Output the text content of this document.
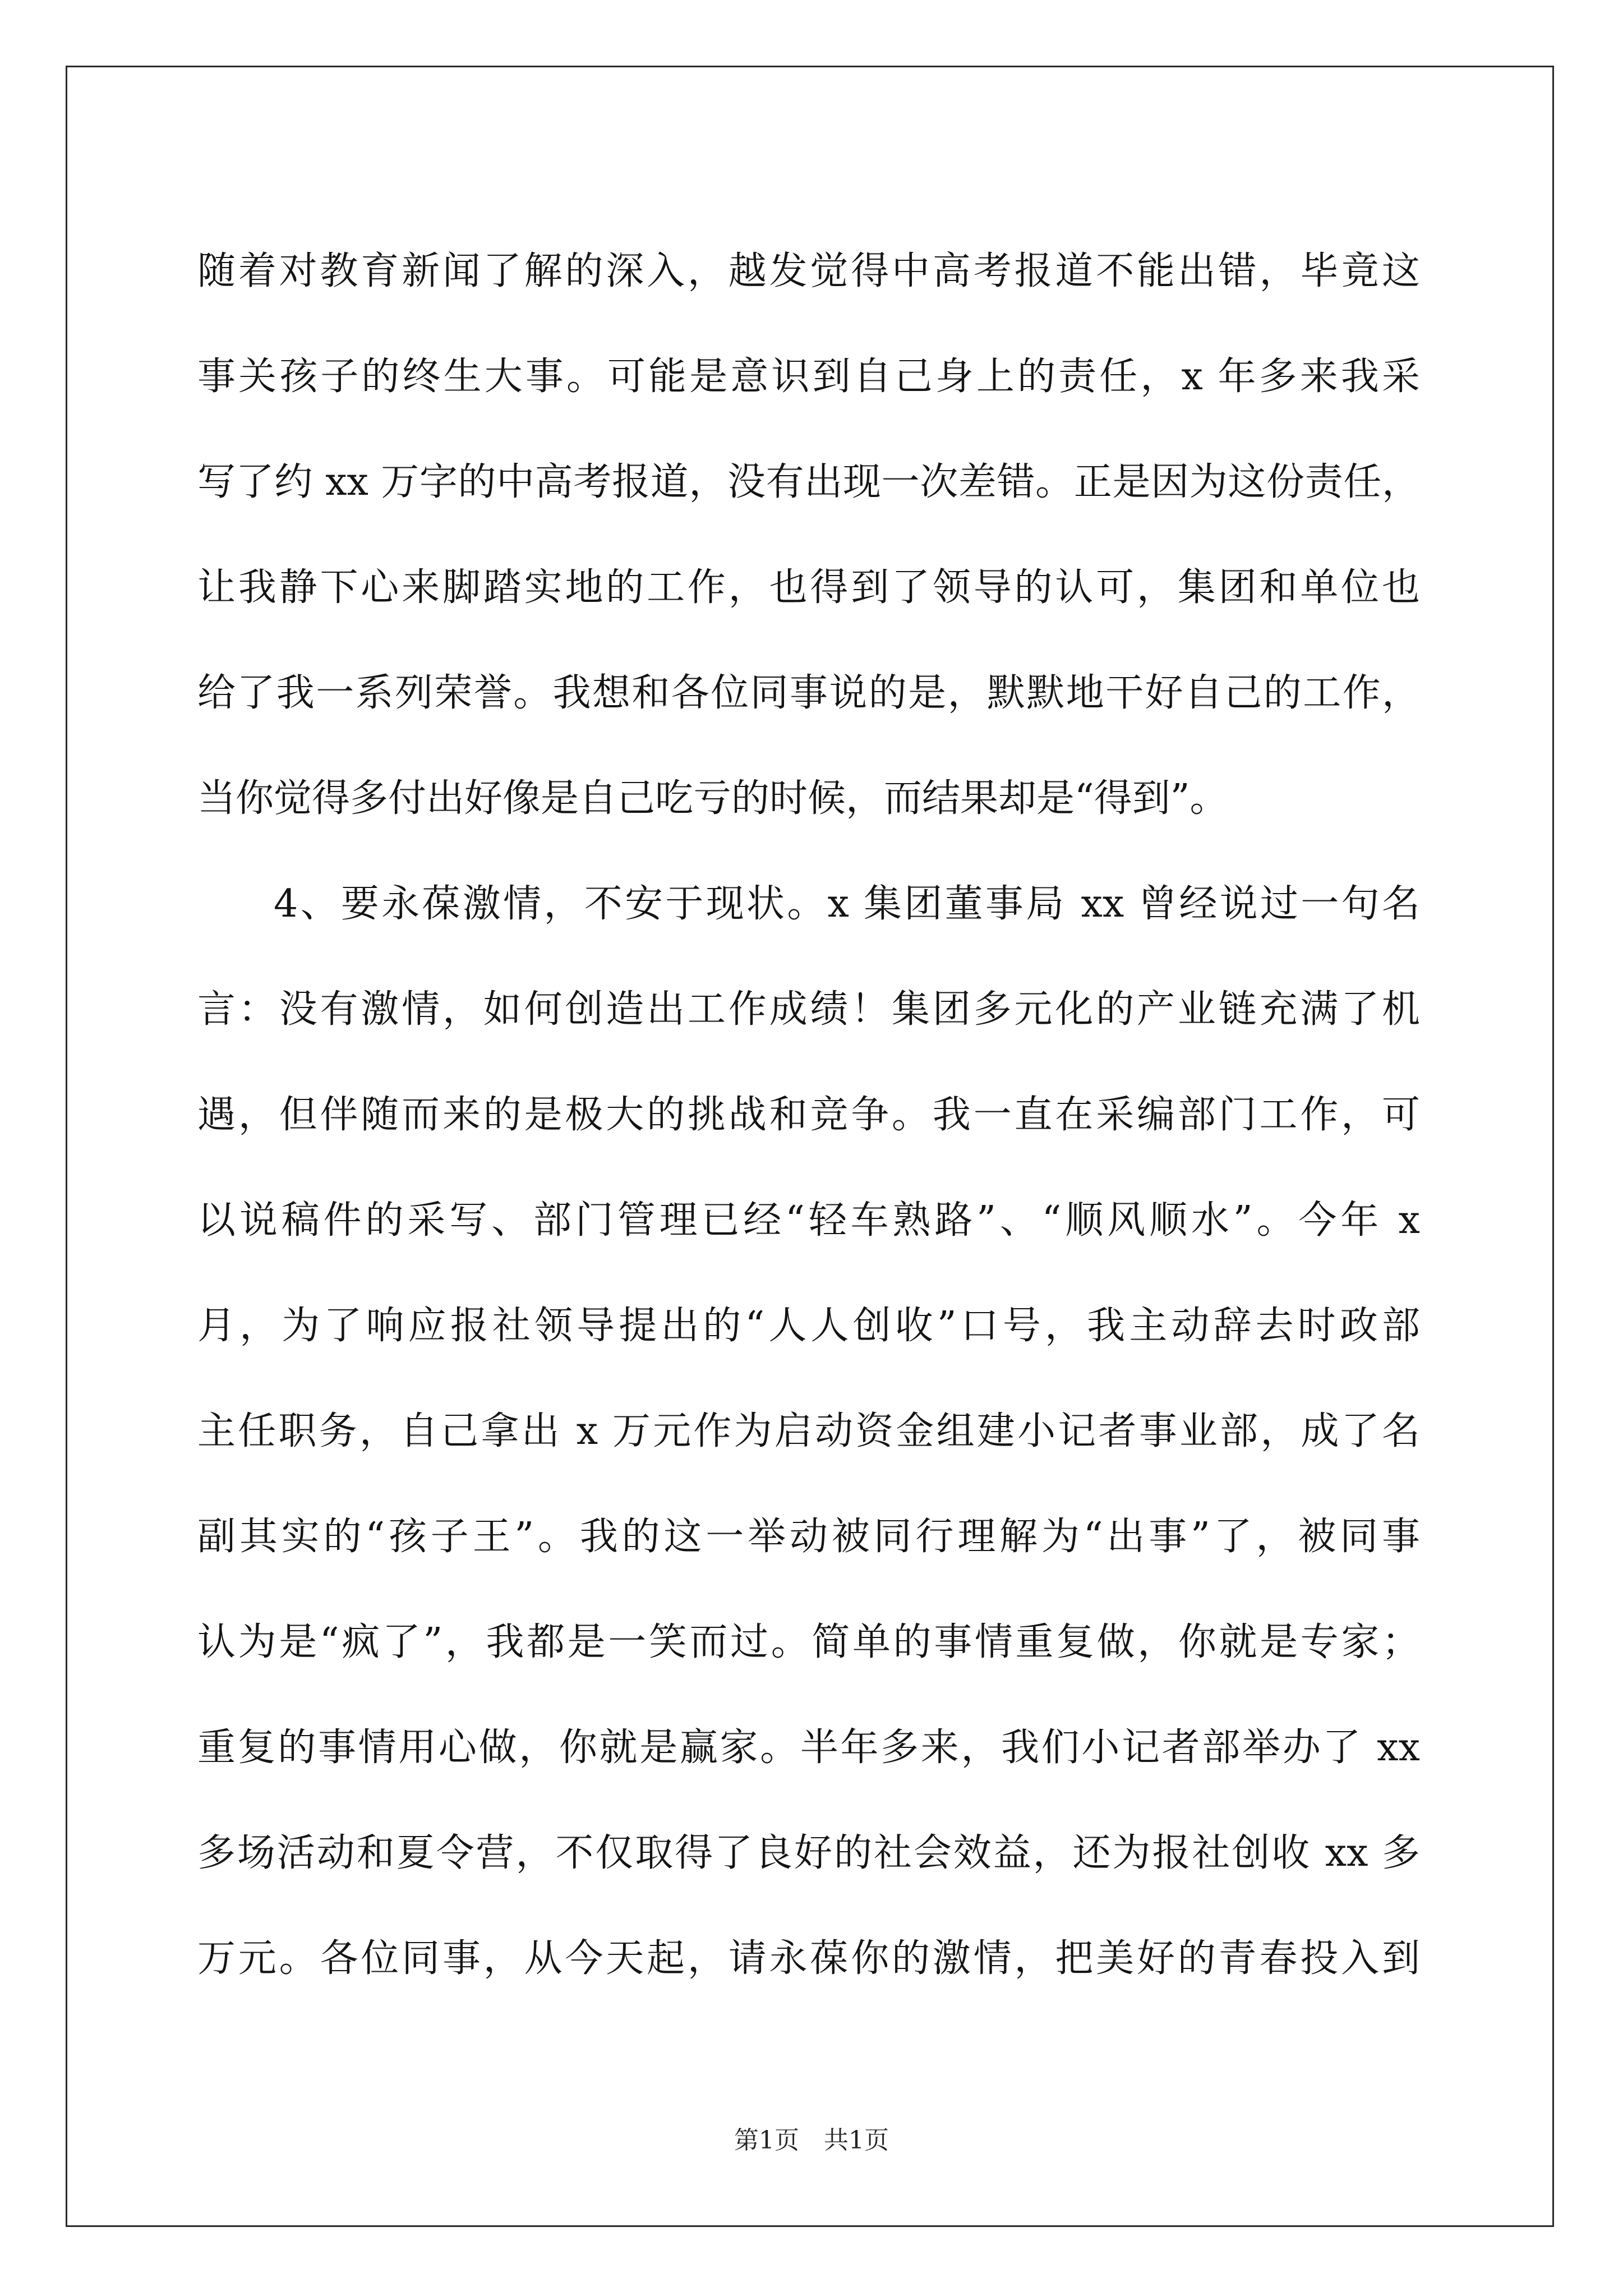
随着对教育新闻了解的深入，越发觉得中高考报道不能出错，毕竟这
事关孩子的终生大事。可能是意识到自己身上的责任，x 年多来我采
写了约 xx 万字的中高考报道，没有出现一次差错。正是因为这份责任，
让我静下心来脚踏实地的工作，也得到了领导的认可，集团和单位也
给了我一系列荣誉。我想和各位同事说的是，默默地干好自己的工作，
当你觉得多付出好像是自己吃亏的时候，而结果却是“得到”。
4、要永葆激情，不安于现状。x 集团董事局 xx 曾经说过一句名
言：没有激情，如何创造出工作成绩！集团多元化的产业链充满了机
遇，但伴随而来的是极大的挑战和竞争。我一直在采编部门工作，可
以说稿件的采写、部门管理已经“轻车熟路”、“顺风顺水”。今年 x
月，为了响应报社领导提出的“人人创收”口号，我主动辞去时政部
主任职务，自己拿出 x 万元作为启动资金组建小记者事业部，成了名
副其实的“孩子王”。我的这一举动被同行理解为“出事”了，被同事
认为是“疯了”，我都是一笑而过。简单的事情重复做，你就是专家；
重复的事情用心做，你就是赢家。半年多来，我们小记者部举办了 xx
多场活动和夏令营，不仅取得了良好的社会效益，还为报社创收 xx 多
万元。各位同事，从今天起，请永葆你的激情，把美好的青春投入到
第1页　共1页
